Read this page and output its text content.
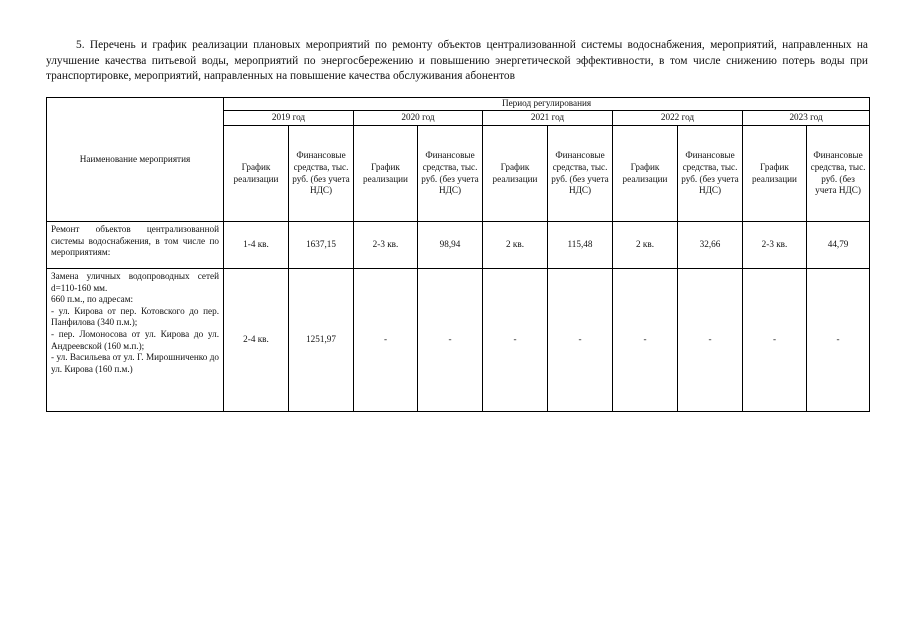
5. Перечень и график реализации плановых мероприятий по ремонту объектов централизованной системы водоснабжения, мероприятий, направленных на улучшение качества питьевой воды, мероприятий по энергосбережению и повышению энергетической эффективности, в том числе снижению потерь воды при транспортировке, мероприятий, направленных на повышение качества обслуживания абонентов

Наименование мероприятия	Период регулирования									
	2019 год		2020 год		2021 год		2022 год		2023 год	
	График реализации	Финансовые средства, тыс. руб. (без учета НДС)	График реализации	Финансовые средства, тыс. руб. (без учета НДС)	График реализации	Финансовые средства, тыс. руб. (без учета НДС)	График реализации	Финансовые средства, тыс. руб. (без учета НДС)	График реализации	Финансовые средства, тыс. руб. (без учета НДС)
Ремонт объектов централизованной системы водоснабжения, в том числе по мероприятиям:	1-4 кв.	1637,15	2-3 кв.	98,94	2 кв.	115,48	2 кв.	32,66	2-3 кв.	44,79

Замена уличных водопроводных сетей d=110-160 мм.
660 п.м., по адресам:
- ул. Кирова от пер. Котовского до пер. Панфилова (340 п.м.);
- пер. Ломоносова от ул. Кирова до ул. Андреевской (160 м.п.);
- ул. Васильева от ул. Г. Мирошниченко до ул. Кирова (160 п.м.)	2-4 кв.	1251,97	-	-	-	-	-	-	-	-
